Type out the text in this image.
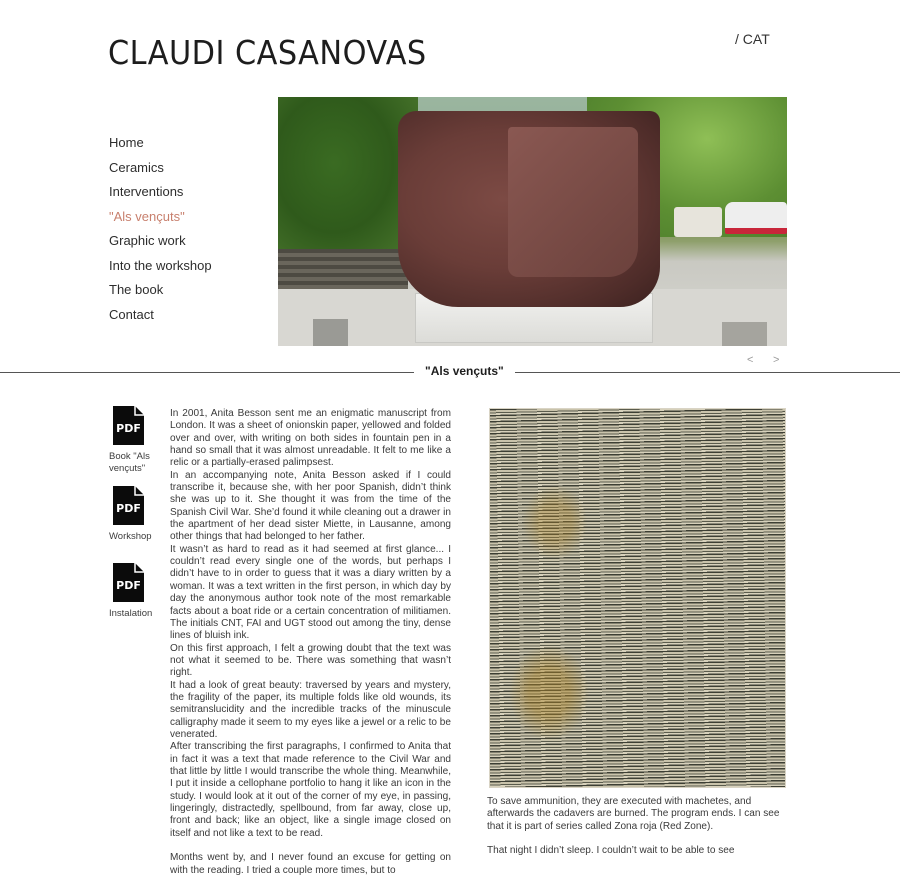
CLAUDI CASANOVAS	/ CAT
Home
Ceramics
Interventions
"Als vençuts"
Graphic work
Into the workshop
The book
Contact
< >
"Als vençuts"
PDF
Book "Als vençuts"
PDF
Workshop
PDF
Instalation

In 2001, Anita Besson sent me an enigmatic manuscript from London. It was a sheet of onionskin paper, yellowed and folded over and over, with writing on both sides in fountain pen in a hand so small that it was almost unreadable. It felt to me like a relic or a partially-erased palimpsest.

In an accompanying note, Anita Besson asked if I could transcribe it, because she, with her poor Spanish, didn’t think she was up to it. She thought it was from the time of the Spanish Civil War. She’d found it while cleaning out a drawer in the apartment of her dead sister Miette, in Lausanne, among other things that had belonged to her father.

It wasn’t as hard to read as it had seemed at first glance... I couldn’t read every single one of the words, but perhaps I didn’t have to in order to guess that it was a diary written by a woman. It was a text written in the first person, in which day by day the anonymous author took note of the most remarkable facts about a boat ride or a certain concentration of militiamen. The initials CNT, FAI and UGT stood out among the tiny, dense lines of bluish ink.

On this first approach, I felt a growing doubt that the text was not what it seemed to be. There was something that wasn’t right.

It had a look of great beauty: traversed by years and mystery, the fragility of the paper, its multiple folds like old wounds, its semitranslucidity and the incredible tracks of the minuscule calligraphy made it seem to my eyes like a jewel or a relic to be venerated.

After transcribing the first paragraphs, I confirmed to Anita that in fact it was a text that made reference to the Civil War and that little by little I would transcribe the whole thing. Meanwhile, I put it inside a cellophane portfolio to hang it like an icon in the study. I would look at it out of the corner of my eye, in passing, lingeringly, distractedly, spellbound, from far away, close up, front and back; like an object, like a single image closed on itself and not like a text to be read.

Months went by, and I never found an excuse for getting on with the reading. I tried a couple more times, but to

To save ammunition, they are executed with machetes, and afterwards the cadavers are burned. The program ends. I can see that it is part of series called Zona roja (Red Zone).

That night I didn’t sleep. I couldn’t wait to be able to see
